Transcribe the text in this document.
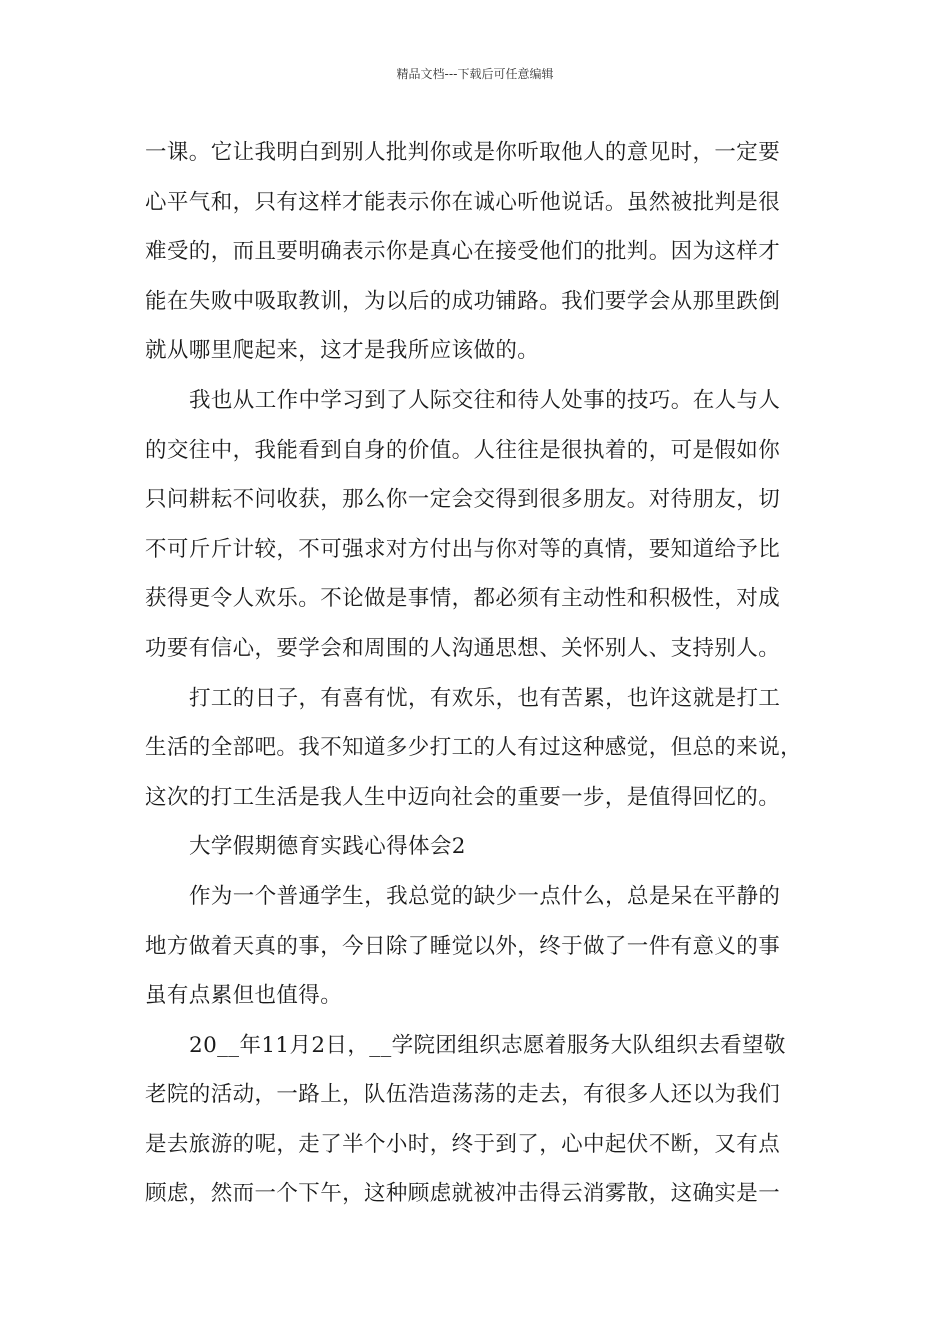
精品文档---下载后可任意编辑
一课。它让我明白到别人批判你或是你听取他人的意见时，一定要
心平气和，只有这样才能表示你在诚心听他说话。虽然被批判是很
难受的，而且要明确表示你是真心在接受他们的批判。因为这样才
能在失败中吸取教训，为以后的成功铺路。我们要学会从那里跌倒
就从哪里爬起来，这才是我所应该做的。
我也从工作中学习到了人际交往和待人处事的技巧。在人与人
的交往中，我能看到自身的价值。人往往是很执着的，可是假如你
只问耕耘不问收获，那么你一定会交得到很多朋友。对待朋友，切
不可斤斤计较，不可强求对方付出与你对等的真情，要知道给予比
获得更令人欢乐。不论做是事情，都必须有主动性和积极性，对成
功要有信心，要学会和周围的人沟通思想、关怀别人、支持别人。
打工的日子，有喜有忧，有欢乐，也有苦累，也许这就是打工
生活的全部吧。我不知道多少打工的人有过这种感觉，但总的来说，
这次的打工生活是我人生中迈向社会的重要一步，是值得回忆的。
大学假期德育实践心得体会2
作为一个普通学生，我总觉的缺少一点什么，总是呆在平静的
地方做着天真的事，今日除了睡觉以外，终于做了一件有意义的事
虽有点累但也值得。
20__年11月2日，__学院团组织志愿着服务大队组织去看望敬
老院的活动，一路上，队伍浩造荡荡的走去，有很多人还以为我们
是去旅游的呢，走了半个小时，终于到了，心中起伏不断，又有点
顾虑，然而一个下午，这种顾虑就被冲击得云消雾散，这确实是一
